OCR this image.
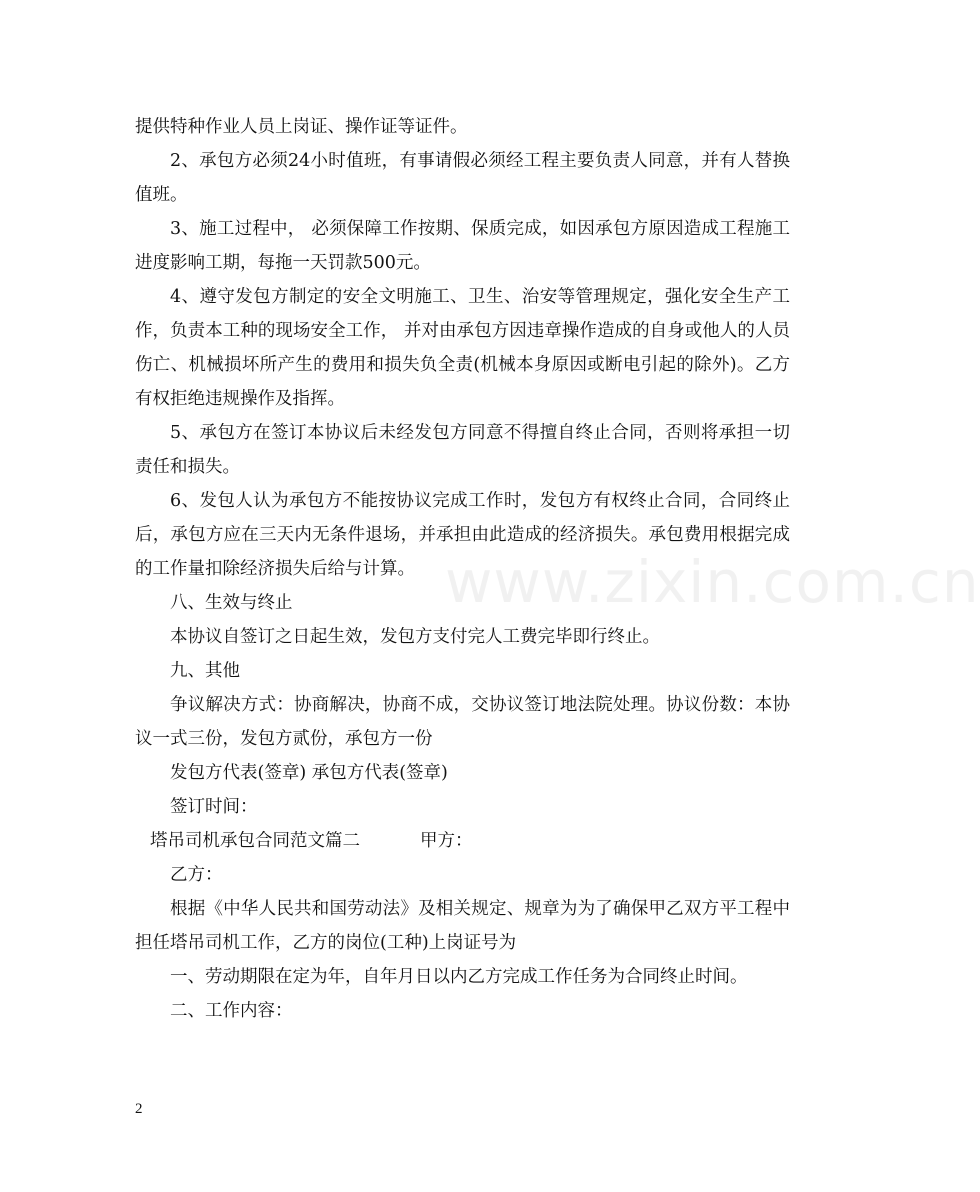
提供特种作业人员上岗证、操作证等证件。

2、承包方必须24小时值班，有事请假必须经工程主要负责人同意，并有人替换值班。

3、施工过程中， 必须保障工作按期、保质完成，如因承包方原因造成工程施工进度影响工期，每拖一天罚款500元。

4、遵守发包方制定的安全文明施工、卫生、治安等管理规定，强化安全生产工作，负责本工种的现场安全工作， 并对由承包方因违章操作造成的自身或他人的人员伤亡、机械损坏所产生的费用和损失负全责(机械本身原因或断电引起的除外)。乙方有权拒绝违规操作及指挥。

5、承包方在签订本协议后未经发包方同意不得擅自终止合同，否则将承担一切责任和损失。

6、发包人认为承包方不能按协议完成工作时，发包方有权终止合同，合同终止后，承包方应在三天内无条件退场，并承担由此造成的经济损失。承包费用根据完成的工作量扣除经济损失后给与计算。

八、生效与终止

本协议自签订之日起生效，发包方支付完人工费完毕即行终止。

九、其他

争议解决方式：协商解决，协商不成，交协议签订地法院处理。协议份数：本协议一式三份，发包方贰份，承包方一份

发包方代表(签章) 承包方代表(签章)

签订时间：

塔吊司机承包合同范文篇二	甲方：

乙方：

根据《中华人民共和国劳动法》及相关规定、规章为为了确保甲乙双方平工程中担任塔吊司机工作，乙方的岗位(工种)上岗证号为

一、劳动期限在定为年，自年月日以内乙方完成工作任务为合同终止时间。

二、工作内容：

www.zixin.com.cn
2
